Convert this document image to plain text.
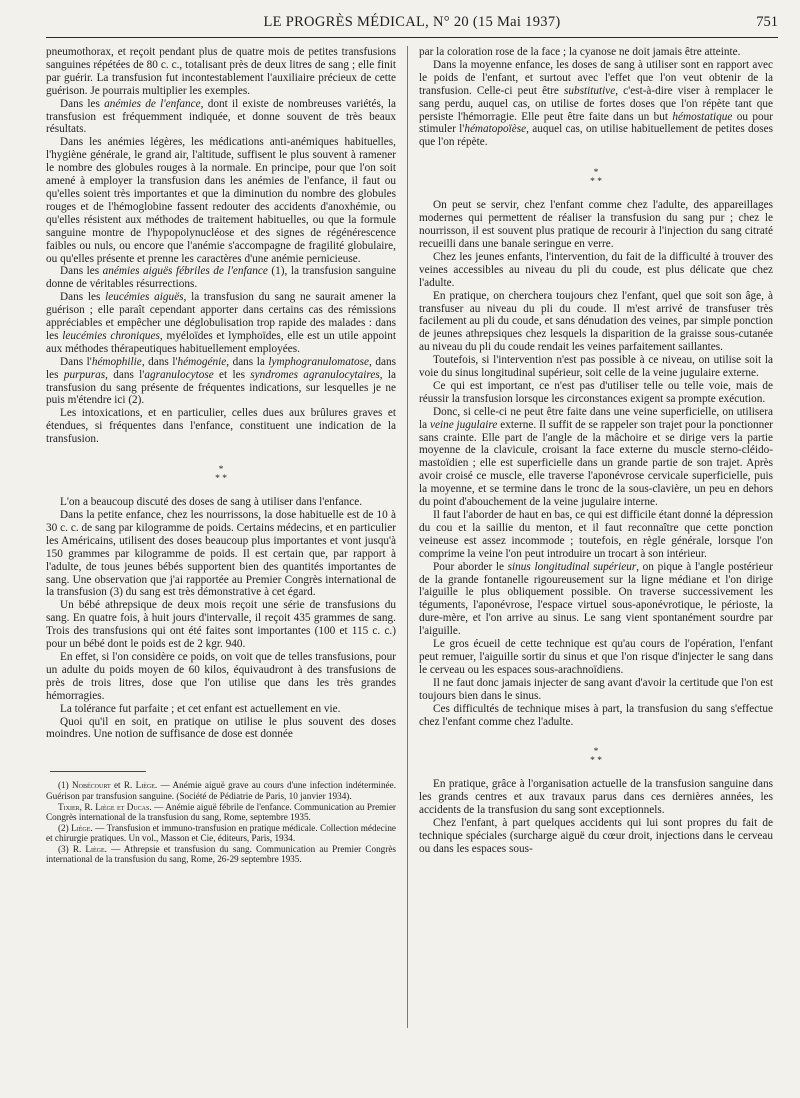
LE PROGRÈS MÉDICAL, N° 20 (15 Mai 1937)	751

pneumothorax, et reçoit pendant plus de quatre mois de petites transfusions sanguines répétées de 80 c. c., totalisant près de deux litres de sang ; elle finit par guérir. La transfusion fut incontestablement l'auxiliaire précieux de cette guérison. Je pourrais multiplier les exemples.

Dans les anémies de l'enfance, dont il existe de nombreuses variétés, la transfusion est fréquemment indiquée, et donne souvent de très beaux résultats.

Dans les anémies légères, les médications anti-anémiques habituelles, l'hygiène générale, le grand air, l'altitude, suffisent le plus souvent à ramener le nombre des globules rouges à la normale. En principe, pour que l'on soit amené à employer la transfusion dans les anémies de l'enfance, il faut ou qu'elles soient très importantes et que la diminution du nombre des globules rouges et de l'hémoglobine fassent redouter des accidents d'anoxhémie, ou qu'elles résistent aux méthodes de traitement habituelles, ou que la formule sanguine montre de l'hypopolynucléose et des signes de régénérescence faibles ou nuls, ou encore que l'anémie s'accompagne de fragilité globulaire, ou qu'elles présente et prenne les caractères d'une anémie pernicieuse.

Dans les anémies aiguës fébriles de l'enfance (1), la transfusion sanguine donne de véritables résurrections.

Dans les leucémies aiguës, la transfusion du sang ne saurait amener la guérison ; elle paraît cependant apporter dans certains cas des rémissions appréciables et empêcher une déglobulisation trop rapide des malades : dans les leucémies chroniques, myéloïdes et lymphoïdes, elle est un utile appoint aux méthodes thérapeutiques habituellement employées.

Dans l'hémophilie, dans l'hémogénie, dans la lymphogranulomatose, dans les purpuras, dans l'agranulocytose et les syndromes agranulocytaires, la transfusion du sang présente de fréquentes indications, sur lesquelles je ne puis m'étendre ici (2).

Les intoxications, et en particulier, celles dues aux brûlures graves et étendues, si fréquentes dans l'enfance, constituent une indication de la transfusion.

*
* *

L'on a beaucoup discuté des doses de sang à utiliser dans l'enfance.

Dans la petite enfance, chez les nourrissons, la dose habituelle est de 10 à 30 c. c. de sang par kilogramme de poids. Certains médecins, et en particulier les Américains, utilisent des doses beaucoup plus importantes et vont jusqu'à 150 grammes par kilogramme de poids. Il est certain que, par rapport à l'adulte, de tous jeunes bébés supportent bien des quantités importantes de sang. Une observation que j'ai rapportée au Premier Congrès international de la transfusion (3) du sang est très démonstrative à cet égard.

Un bébé athrepsique de deux mois reçoit une série de transfusions du sang. En quatre fois, à huit jours d'intervalle, il reçoit 435 grammes de sang. Trois des transfusions qui ont été faites sont importantes (100 et 115 c. c.) pour un bébé dont le poids est de 2 kgr. 940.

En effet, si l'on considère ce poids, on voit que de telles transfusions, pour un adulte du poids moyen de 60 kilos, équivaudront à des transfusions de près de trois litres, dose que l'on utilise que dans les très grandes hémorragies.

La tolérance fut parfaite ; et cet enfant est actuellement en vie.

Quoi qu'il en soit, en pratique on utilise le plus souvent des doses moindres. Une notion de suffisance de dose est donnée

(1) Nobécourt et R. Liège. — Anémie aiguë grave au cours d'une infection indéterminée. Guérison par transfusion sanguine. (Société de Pédiatrie de Paris, 10 janvier 1934).

Tixier, R. Liège et Ducas. — Anémie aiguë fébrile de l'enfance. Communication au Premier Congrès international de la transfusion du sang, Rome, septembre 1935.

(2) Liège. — Transfusion et immuno-transfusion en pratique médicale. Collection médecine et chirurgie pratiques. Un vol., Masson et Cie, éditeurs, Paris, 1934.

(3) R. Liège. — Athrepsie et transfusion du sang. Communication au Premier Congrès international de la transfusion du sang, Rome, 26-29 septembre 1935.

par la coloration rose de la face ; la cyanose ne doit jamais être atteinte.

Dans la moyenne enfance, les doses de sang à utiliser sont en rapport avec le poids de l'enfant, et surtout avec l'effet que l'on veut obtenir de la transfusion. Celle-ci peut être substitutive, c'est-à-dire viser à remplacer le sang perdu, auquel cas, on utilise de fortes doses que l'on répète tant que persiste l'hémorragie. Elle peut être faite dans un but hémostatique ou pour stimuler l'hématopoïèse, auquel cas, on utilise habituellement de petites doses que l'on répète.

*
* *

On peut se servir, chez l'enfant comme chez l'adulte, des appareillages modernes qui permettent de réaliser la transfusion du sang pur ; chez le nourrisson, il est souvent plus pratique de recourir à l'injection du sang citraté recueilli dans une banale seringue en verre.

Chez les jeunes enfants, l'intervention, du fait de la difficulté à trouver des veines accessibles au niveau du pli du coude, est plus délicate que chez l'adulte.

En pratique, on cherchera toujours chez l'enfant, quel que soit son âge, à transfuser au niveau du pli du coude. Il m'est arrivé de transfuser très facilement au pli du coude, et sans dénudation des veines, par simple ponction de jeunes athrepsiques chez lesquels la disparition de la graisse sous-cutanée au niveau du pli du coude rendait les veines parfaitement saillantes.

Toutefois, si l'intervention n'est pas possible à ce niveau, on utilise soit la voie du sinus longitudinal supérieur, soit celle de la veine jugulaire externe.

Ce qui est important, ce n'est pas d'utiliser telle ou telle voie, mais de réussir la transfusion lorsque les circonstances exigent sa prompte exécution.

Donc, si celle-ci ne peut être faite dans une veine superficielle, on utilisera la veine jugulaire externe. Il suffit de se rappeler son trajet pour la ponctionner sans crainte. Elle part de l'angle de la mâchoire et se dirige vers la partie moyenne de la clavicule, croisant la face externe du muscle sterno-cléido-mastoïdien ; elle est superficielle dans un grande partie de son trajet. Après avoir croisé ce muscle, elle traverse l'aponévrose cervicale superficielle, puis la moyenne, et se termine dans le tronc de la sous-clavière, un peu en dehors du point d'abouchement de la veine jugulaire interne.

Il faut l'aborder de haut en bas, ce qui est difficile étant donné la dépression du cou et la saillie du menton, et il faut reconnaître que cette ponction veineuse est assez incommode ; toutefois, en règle générale, lorsque l'on comprime la veine l'on peut introduire un trocart à son intérieur.

Pour aborder le sinus longitudinal supérieur, on pique à l'angle postérieur de la grande fontanelle rigoureusement sur la ligne médiane et l'on dirige l'aiguille le plus obliquement possible. On traverse successivement les téguments, l'aponévrose, l'espace virtuel sous-aponévrotique, le périoste, la dure-mère, et l'on arrive au sinus. Le sang vient spontanément sourdre par l'aiguille.

Le gros écueil de cette technique est qu'au cours de l'opération, l'enfant peut remuer, l'aiguille sortir du sinus et que l'on risque d'injecter le sang dans le cerveau ou les espaces sous-arachnoïdiens.

Il ne faut donc jamais injecter de sang avant d'avoir la certitude que l'on est toujours bien dans le sinus.

Ces difficultés de technique mises à part, la transfusion du sang s'effectue chez l'enfant comme chez l'adulte.

*
* *

En pratique, grâce à l'organisation actuelle de la transfusion sanguine dans les grands centres et aux travaux parus dans ces dernières années, les accidents de la transfusion du sang sont exceptionnels.

Chez l'enfant, à part quelques accidents qui lui sont propres du fait de technique spéciales (surcharge aiguë du cœur droit, injections dans le cerveau ou dans les espaces sous-
